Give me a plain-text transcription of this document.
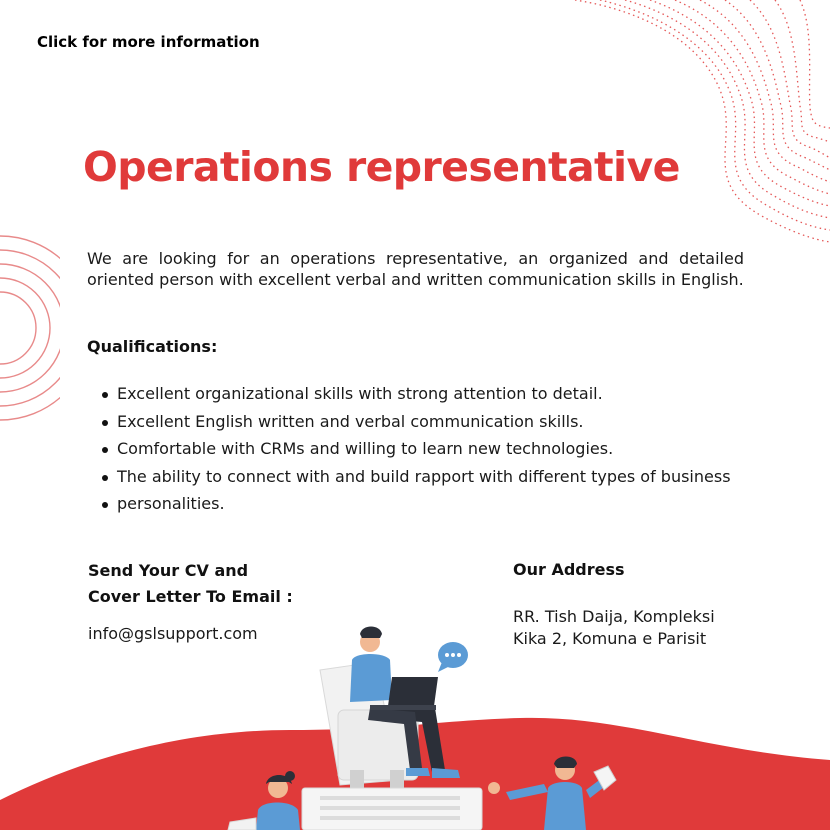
Click for more information
Operations representative

We are looking for an operations representative, an organized and detailed oriented person with excellent verbal and written communication skills in English.

Qualifications:
Excellent organizational skills with strong attention to detail.
Excellent English written and verbal communication skills.
Comfortable with CRMs and willing to learn new technologies.
The ability to connect with and build rapport with different types of business
personalities.
Send Your CV and
Cover Letter To Email :
info@gslsupport.com
Our Address

RR. Tish Daija, Kompleksi
Kika 2, Komuna e Parisit
